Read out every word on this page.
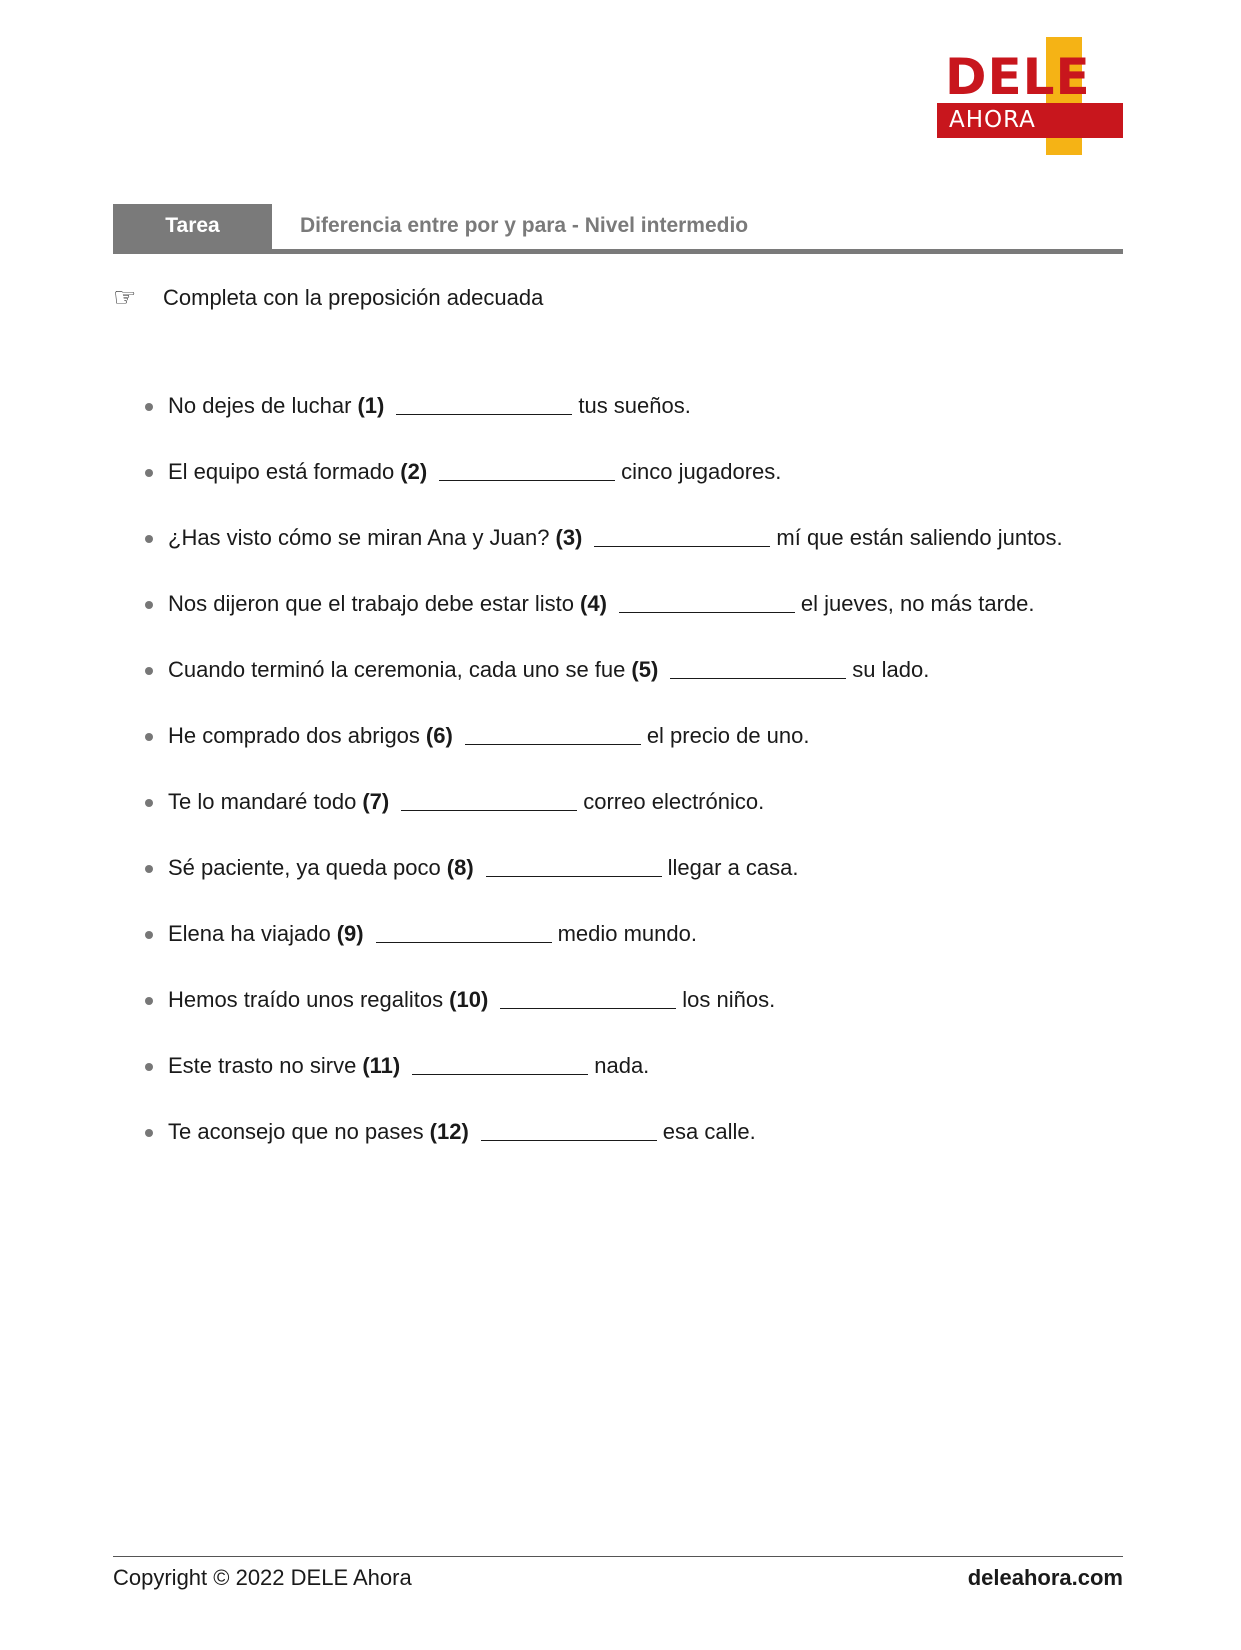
DELE
AHORA
Tarea	Diferencia entre por y para - Nivel intermedio
☞	Completa con la preposición adecuada
No dejes de luchar (1)	tus sueños.
El equipo está formado (2)	cinco jugadores.
¿Has visto cómo se miran Ana y Juan? (3)	mí que están saliendo juntos.
Nos dijeron que el trabajo debe estar listo (4)	el jueves, no más tarde.
Cuando terminó la ceremonia, cada uno se fue (5)	su lado.
He comprado dos abrigos (6)	el precio de uno.
Te lo mandaré todo (7)	correo electrónico.
Sé paciente, ya queda poco (8)	llegar a casa.
Elena ha viajado (9)	medio mundo.
Hemos traído unos regalitos (10)	los niños.
Este trasto no sirve (11)	nada.
Te aconsejo que no pases (12)	esa calle.
Copyright © 2022 DELE Ahora	deleahora.com
